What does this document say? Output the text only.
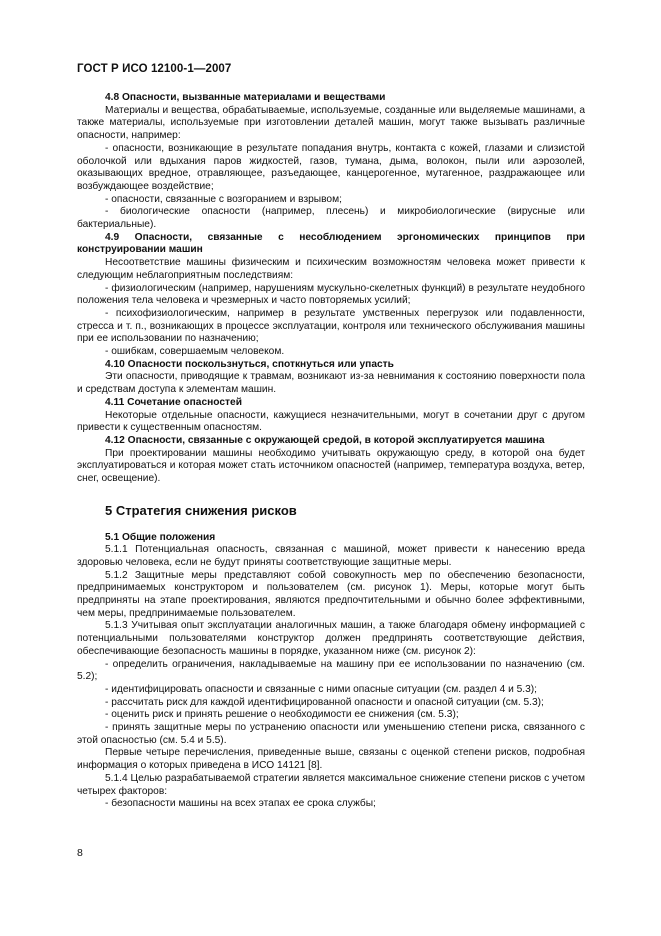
ГОСТ Р ИСО 12100-1—2007

4.8 Опасности, вызванные материалами и веществами

Материалы и вещества, обрабатываемые, используемые, созданные или выделяемые машинами, а также материалы, используемые при изготовлении деталей машин, могут также вызывать различные опасности, например:

- опасности, возникающие в результате попадания внутрь, контакта с кожей, глазами и слизистой оболочкой или вдыхания паров жидкостей, газов, тумана, дыма, волокон, пыли или аэрозолей, оказывающих вредное, отравляющее, разъедающее, канцерогенное, мутагенное, раздражающее или возбуждающее воздействие;

- опасности, связанные с возгоранием и взрывом;

- биологические опасности (например, плесень) и микробиологические (вирусные или бактериальные).

4.9 Опасности, связанные с несоблюдением эргономических принципов при конструировании машин

Несоответствие машины физическим и психическим возможностям человека может привести к следующим неблагоприятным последствиям:

- физиологическим (например, нарушениям мускульно-скелетных функций) в результате неудобного положения тела человека и чрезмерных и часто повторяемых усилий;

- психофизиологическим, например в результате умственных перегрузок или подавленности, стресса и т. п., возникающих в процессе эксплуатации, контроля или технического обслуживания машины при ее использовании по назначению;

- ошибкам, совершаемым человеком.

4.10 Опасности поскользнуться, споткнуться или упасть

Эти опасности, приводящие к травмам, возникают из-за невнимания к состоянию поверхности пола и средствам доступа к элементам машин.

4.11 Сочетание опасностей

Некоторые отдельные опасности, кажущиеся незначительными, могут в сочетании друг с другом привести к существенным опасностям.

4.12 Опасности, связанные с окружающей средой, в которой эксплуатируется машина

При проектировании машины необходимо учитывать окружающую среду, в которой она будет эксплуатироваться и которая может стать источником опасностей (например, температура воздуха, ветер, снег, освещение).

5 Стратегия снижения рисков

5.1 Общие положения

5.1.1 Потенциальная опасность, связанная с машиной, может привести к нанесению вреда здоровью человека, если не будут приняты соответствующие защитные меры.

5.1.2 Защитные меры представляют собой совокупность мер по обеспечению безопасности, предпринимаемых конструктором и пользователем (см. рисунок 1). Меры, которые могут быть предприняты на этапе проектирования, являются предпочтительными и обычно более эффективными, чем меры, предпринимаемые пользователем.

5.1.3 Учитывая опыт эксплуатации аналогичных машин, а также благодаря обмену информацией с потенциальными пользователями конструктор должен предпринять соответствующие действия, обеспечивающие безопасность машины в порядке, указанном ниже (см. рисунок 2):

- определить ограничения, накладываемые на машину при ее использовании по назначению (см. 5.2);

- идентифицировать опасности и связанные с ними опасные ситуации (см. раздел 4 и 5.3);

- рассчитать риск для каждой идентифицированной опасности и опасной ситуации (см. 5.3);

- оценить риск и принять решение о необходимости ее снижения (см. 5.3);

- принять защитные меры по устранению опасности или уменьшению степени риска, связанного с этой опасностью (см. 5.4 и 5.5).

Первые четыре перечисления, приведенные выше, связаны с оценкой степени рисков, подробная информация о которых приведена в ИСО 14121 [8].

5.1.4 Целью разрабатываемой стратегии является максимальное снижение степени рисков с учетом четырех факторов:

- безопасности машины на всех этапах ее срока службы;

8
